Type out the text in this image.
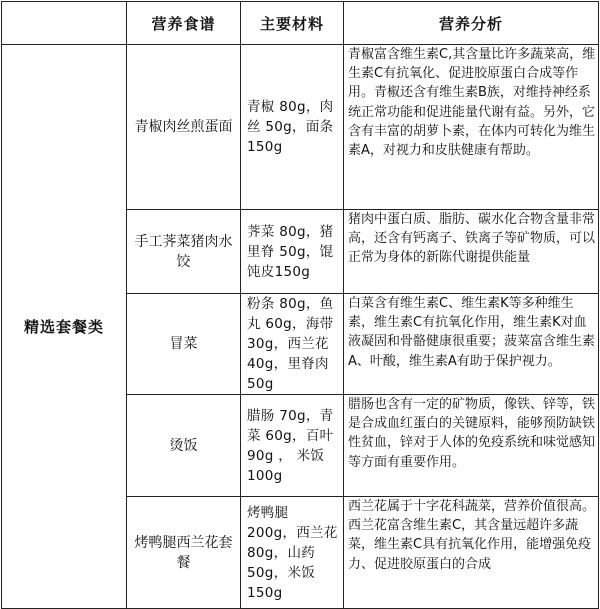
	营养食谱	主要材料	营养分析
精选套餐类	青椒肉丝煎蛋面	青椒 80g，肉丝 50g，面条 150g	青椒富含维生素C,其含量比许多蔬菜高，维生素C有抗氧化、促进胶原蛋白合成等作用。青椒还含有维生素B族，对维持神经系统正常功能和促进能量代谢有益。另外，它含有丰富的胡萝卜素，在体内可转化为维生素A，对视力和皮肤健康有帮助。
	手工荠菜猪肉水饺	荠菜 80g，猪里脊 50g，馄饨皮150g	猪肉中蛋白质、脂肪、碳水化合物含量非常高，还含有钙离子、铁离子等矿物质，可以正常为身体的新陈代谢提供能量
	冒菜	粉条 80g，鱼丸 60g，海带 30g，西兰花 40g，里脊肉 50g	白菜含有维生素C、维生素K等多种维生素，维生素C有抗氧化作用，维生素K对血液凝固和骨骼健康很重要；菠菜富含维生素A、叶酸，维生素A有助于保护视力。
	烫饭	腊肠 70g，青菜 60g，百叶 90g ， 米饭 100g	腊肠也含有一定的矿物质，像铁、锌等，铁是合成血红蛋白的关键原料，能够预防缺铁性贫血，锌对于人体的免疫系统和味觉感知等方面有重要作用。
	烤鸭腿西兰花套餐	烤鸭腿 200g，西兰花 80g，山药 50g，米饭 150g	西兰花属于十字花科蔬菜，营养价值很高。西兰花富含维生素C，其含量远超许多蔬菜，维生素C具有抗氧化作用，能增强免疫力、促进胶原蛋白的合成
